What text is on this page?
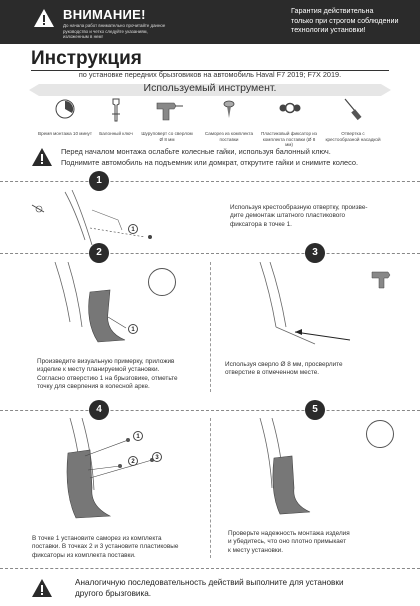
ВНИМАНИЕ!
До начала работ внимательно прочитайте данное руководство и четко следуйте указаниям, изложенным в нем!
Гарантия действительна
только при строгом соблюдении
технологии установки!
Инструкция
по установке передних брызговиков на автомобиль Haval F7 2019; F7X 2019.
Используемый инструмент.
Время монтажа 10 минут	Балонный ключ	Шуруповерт со сверлом Ø 8 мм
Саморез из комплекта поставки
Пластиковый фиксатор из комплекта поставки (Ø 8 мм)
Отвертка с крестообразной насадкой
Перед началом монтажа ослабьте колесные гайки, используя балонный ключ.
Поднимите автомобиль на подъемник или домкрат, открутите гайки и снимите колесо.
1
1
Используя крестообразную отвертку, произве-
дите демонтаж штатного пластикового
фиксатора в точке 1.
2	3
1
Произведите визуальную примерку, приложив
изделие к месту планируемой установки.
Согласно отверстию 1 на брызговике, отметьте
точку для сверления в колесной арке.
Используя сверло Ø 8 мм, просверлите
отверстие в отмеченном месте.
4	5
1
2
3
В точке 1 установите саморез из комплекта
поставки. В точках 2 и 3 установите пластиковые
фиксаторы из комплекта поставки.
Проверьте надежность монтажа изделия
и убедитесь, что оно плотно примыкает
к месту установки.
Аналогичную последовательность действий выполните для установки
другого брызговика.
